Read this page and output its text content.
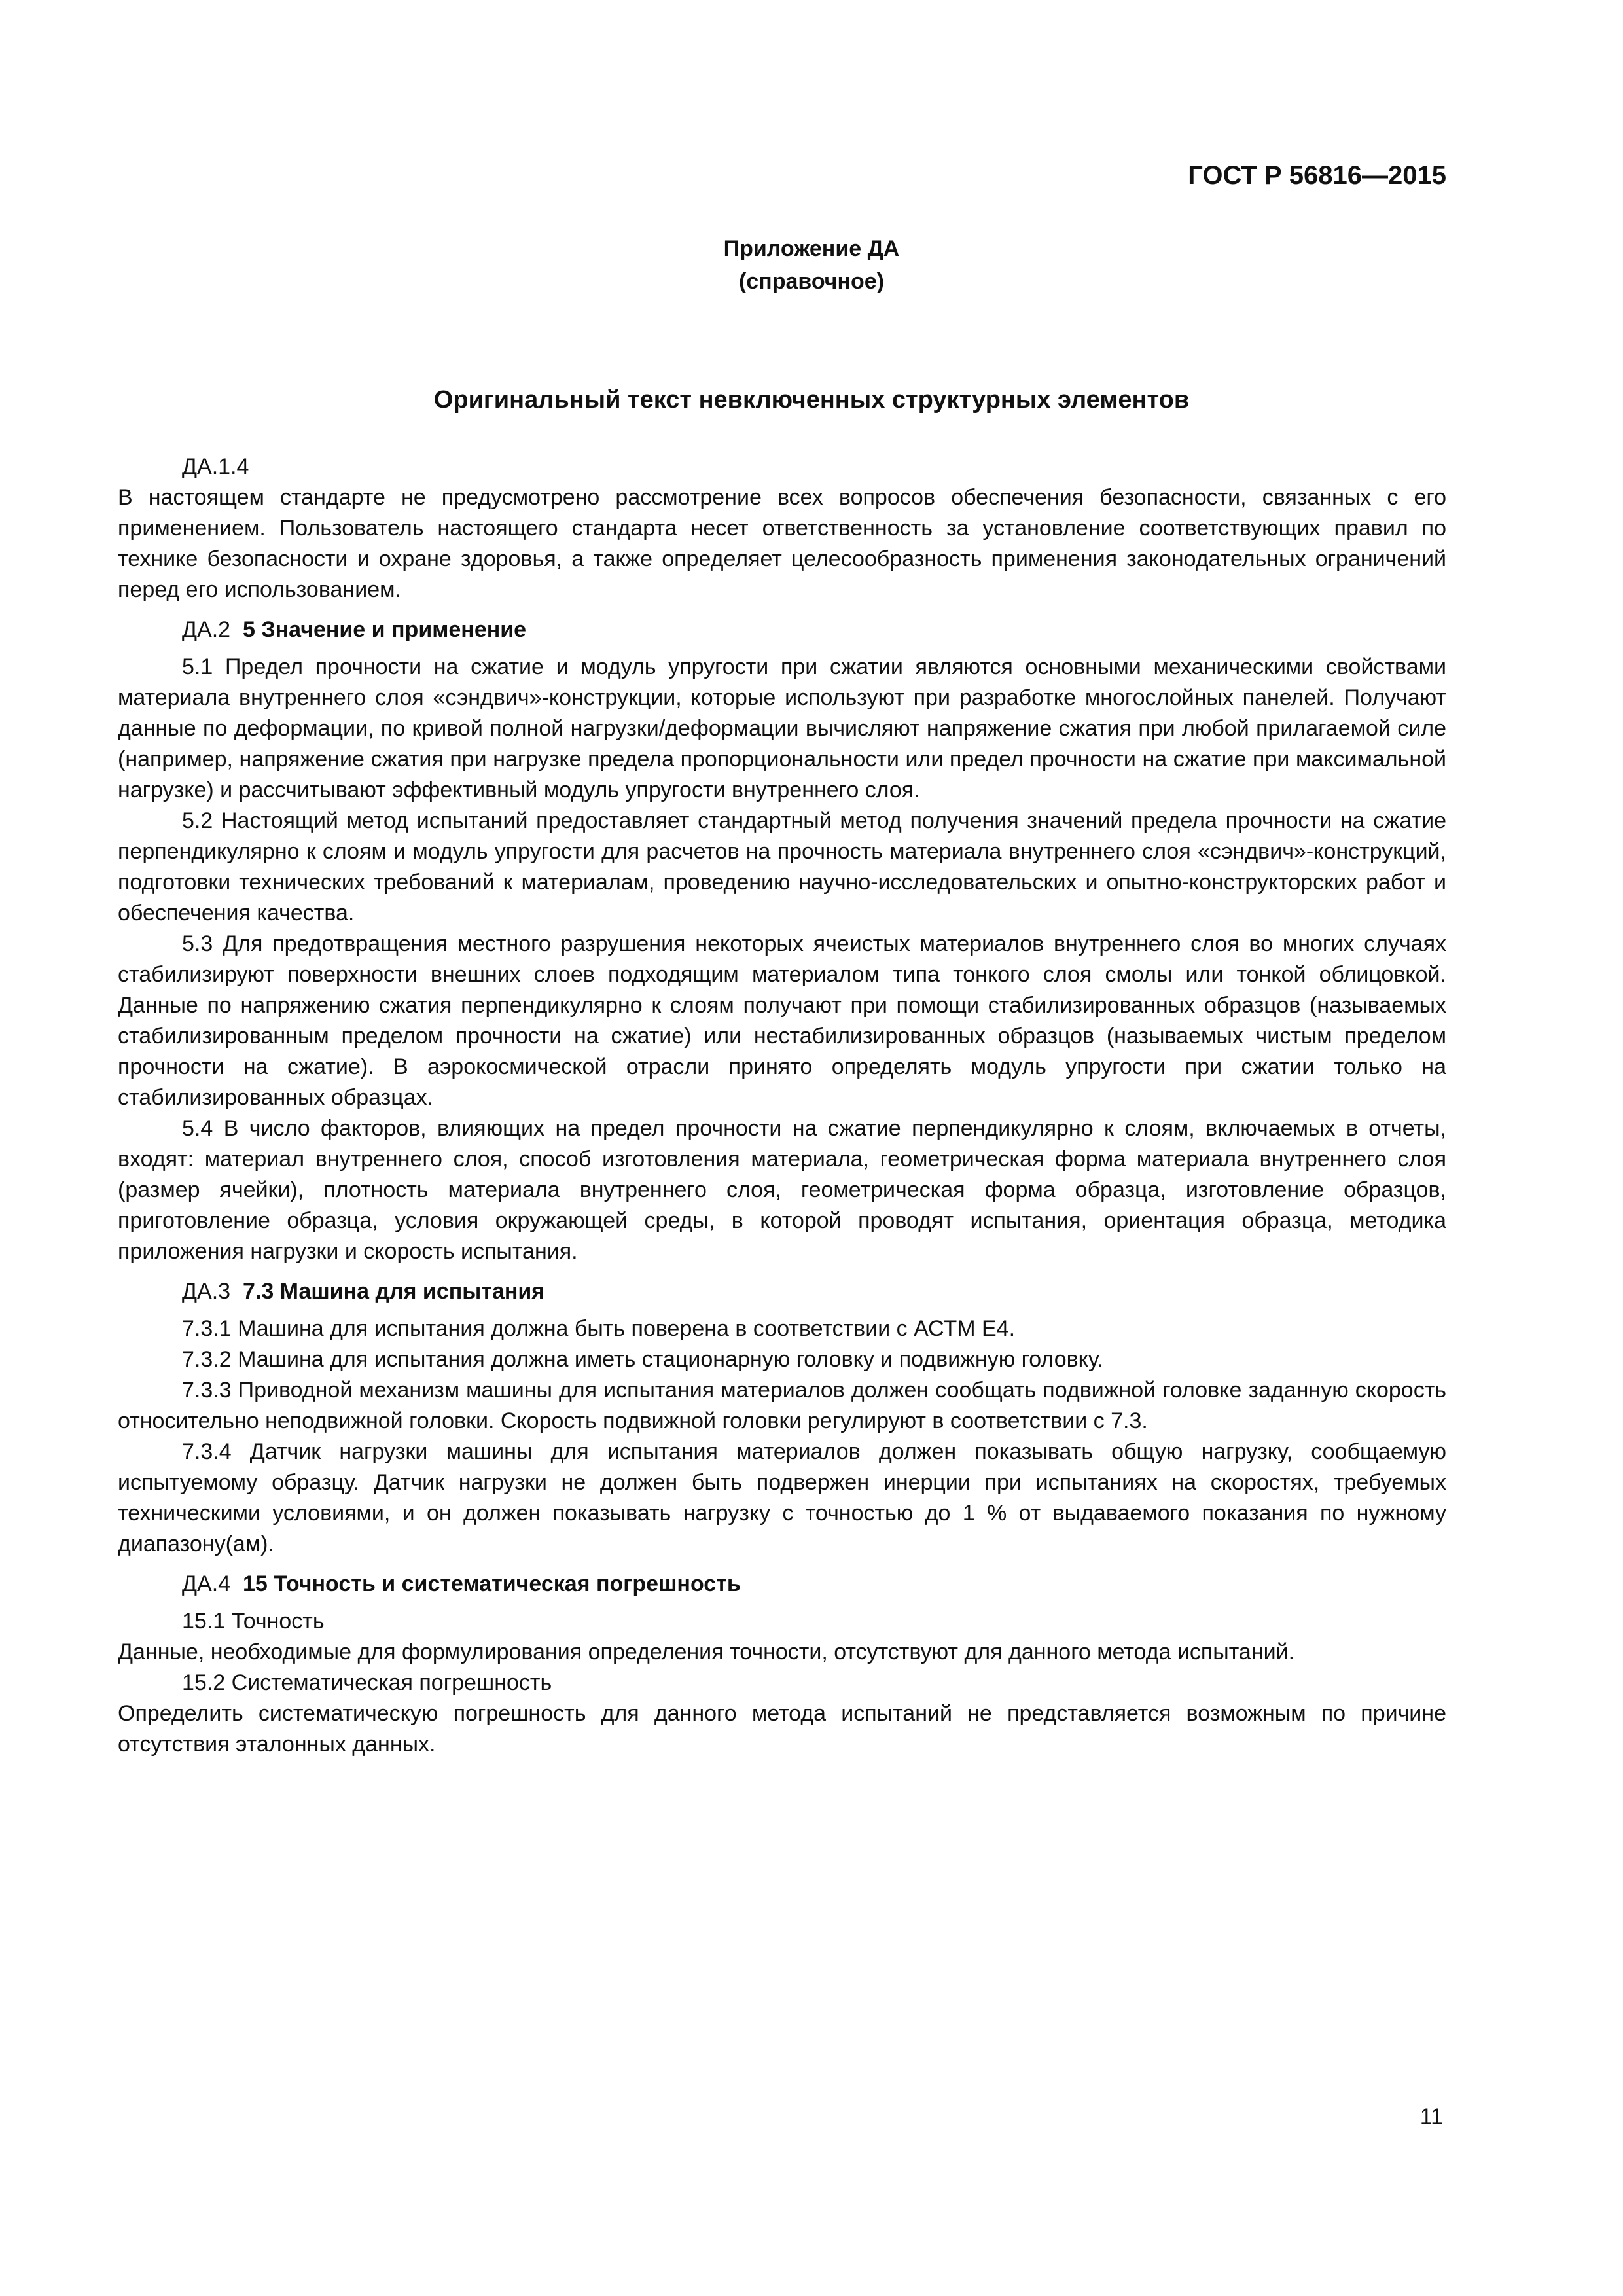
ГОСТ Р 56816—2015
Приложение ДА
(справочное)
Оригинальный текст невключенных структурных элементов

ДА.1.4

В настоящем стандарте не предусмотрено рассмотрение всех вопросов обеспечения безопасности, связанных с его применением. Пользователь настоящего стандарта несет ответственность за установление соответствующих правил по технике безопасности и охране здоровья, а также определяет целесообразность применения законодательных ограничений перед его использованием.

ДА.2 5 Значение и применение

5.1 Предел прочности на сжатие и модуль упругости при сжатии являются основными механическими свойствами материала внутреннего слоя «сэндвич»-конструкции, которые используют при разработке многослойных панелей. Получают данные по деформации, по кривой полной нагрузки/деформации вычисляют напряжение сжатия при любой прилагаемой силе (например, напряжение сжатия при нагрузке предела пропорциональности или предел прочности на сжатие при максимальной нагрузке) и рассчитывают эффективный модуль упругости внутреннего слоя.

5.2 Настоящий метод испытаний предоставляет стандартный метод получения значений предела прочности на сжатие перпендикулярно к слоям и модуль упругости для расчетов на прочность материала внутреннего слоя «сэндвич»-конструкций, подготовки технических требований к материалам, проведению научно-исследовательских и опытно-конструкторских работ и обеспечения качества.

5.3 Для предотвращения местного разрушения некоторых ячеистых материалов внутреннего слоя во многих случаях стабилизируют поверхности внешних слоев подходящим материалом типа тонкого слоя смолы или тонкой облицовкой. Данные по напряжению сжатия перпендикулярно к слоям получают при помощи стабилизированных образцов (называемых стабилизированным пределом прочности на сжатие) или нестабилизированных образцов (называемых чистым пределом прочности на сжатие). В аэрокосмической отрасли принято определять модуль упругости при сжатии только на стабилизированных образцах.

5.4 В число факторов, влияющих на предел прочности на сжатие перпендикулярно к слоям, включаемых в отчеты, входят: материал внутреннего слоя, способ изготовления материала, геометрическая форма материала внутреннего слоя (размер ячейки), плотность материала внутреннего слоя, геометрическая форма образца, изготовление образцов, приготовление образца, условия окружающей среды, в которой проводят испытания, ориентация образца, методика приложения нагрузки и скорость испытания.

ДА.3 7.3 Машина для испытания

7.3.1 Машина для испытания должна быть поверена в соответствии с АСТМ Е4.

7.3.2 Машина для испытания должна иметь стационарную головку и подвижную головку.

7.3.3 Приводной механизм машины для испытания материалов должен сообщать подвижной головке заданную скорость относительно неподвижной головки. Скорость подвижной головки регулируют в соответствии с 7.3.

7.3.4 Датчик нагрузки машины для испытания материалов должен показывать общую нагрузку, сообщаемую испытуемому образцу. Датчик нагрузки не должен быть подвержен инерции при испытаниях на скоростях, требуемых техническими условиями, и он должен показывать нагрузку с точностью до 1 % от выдаваемого показания по нужному диапазону(ам).

ДА.4 15 Точность и систематическая погрешность

15.1 Точность

Данные, необходимые для формулирования определения точности, отсутствуют для данного метода испытаний.

15.2 Систематическая погрешность

Определить систематическую погрешность для данного метода испытаний не представляется возможным по причине отсутствия эталонных данных.

11
